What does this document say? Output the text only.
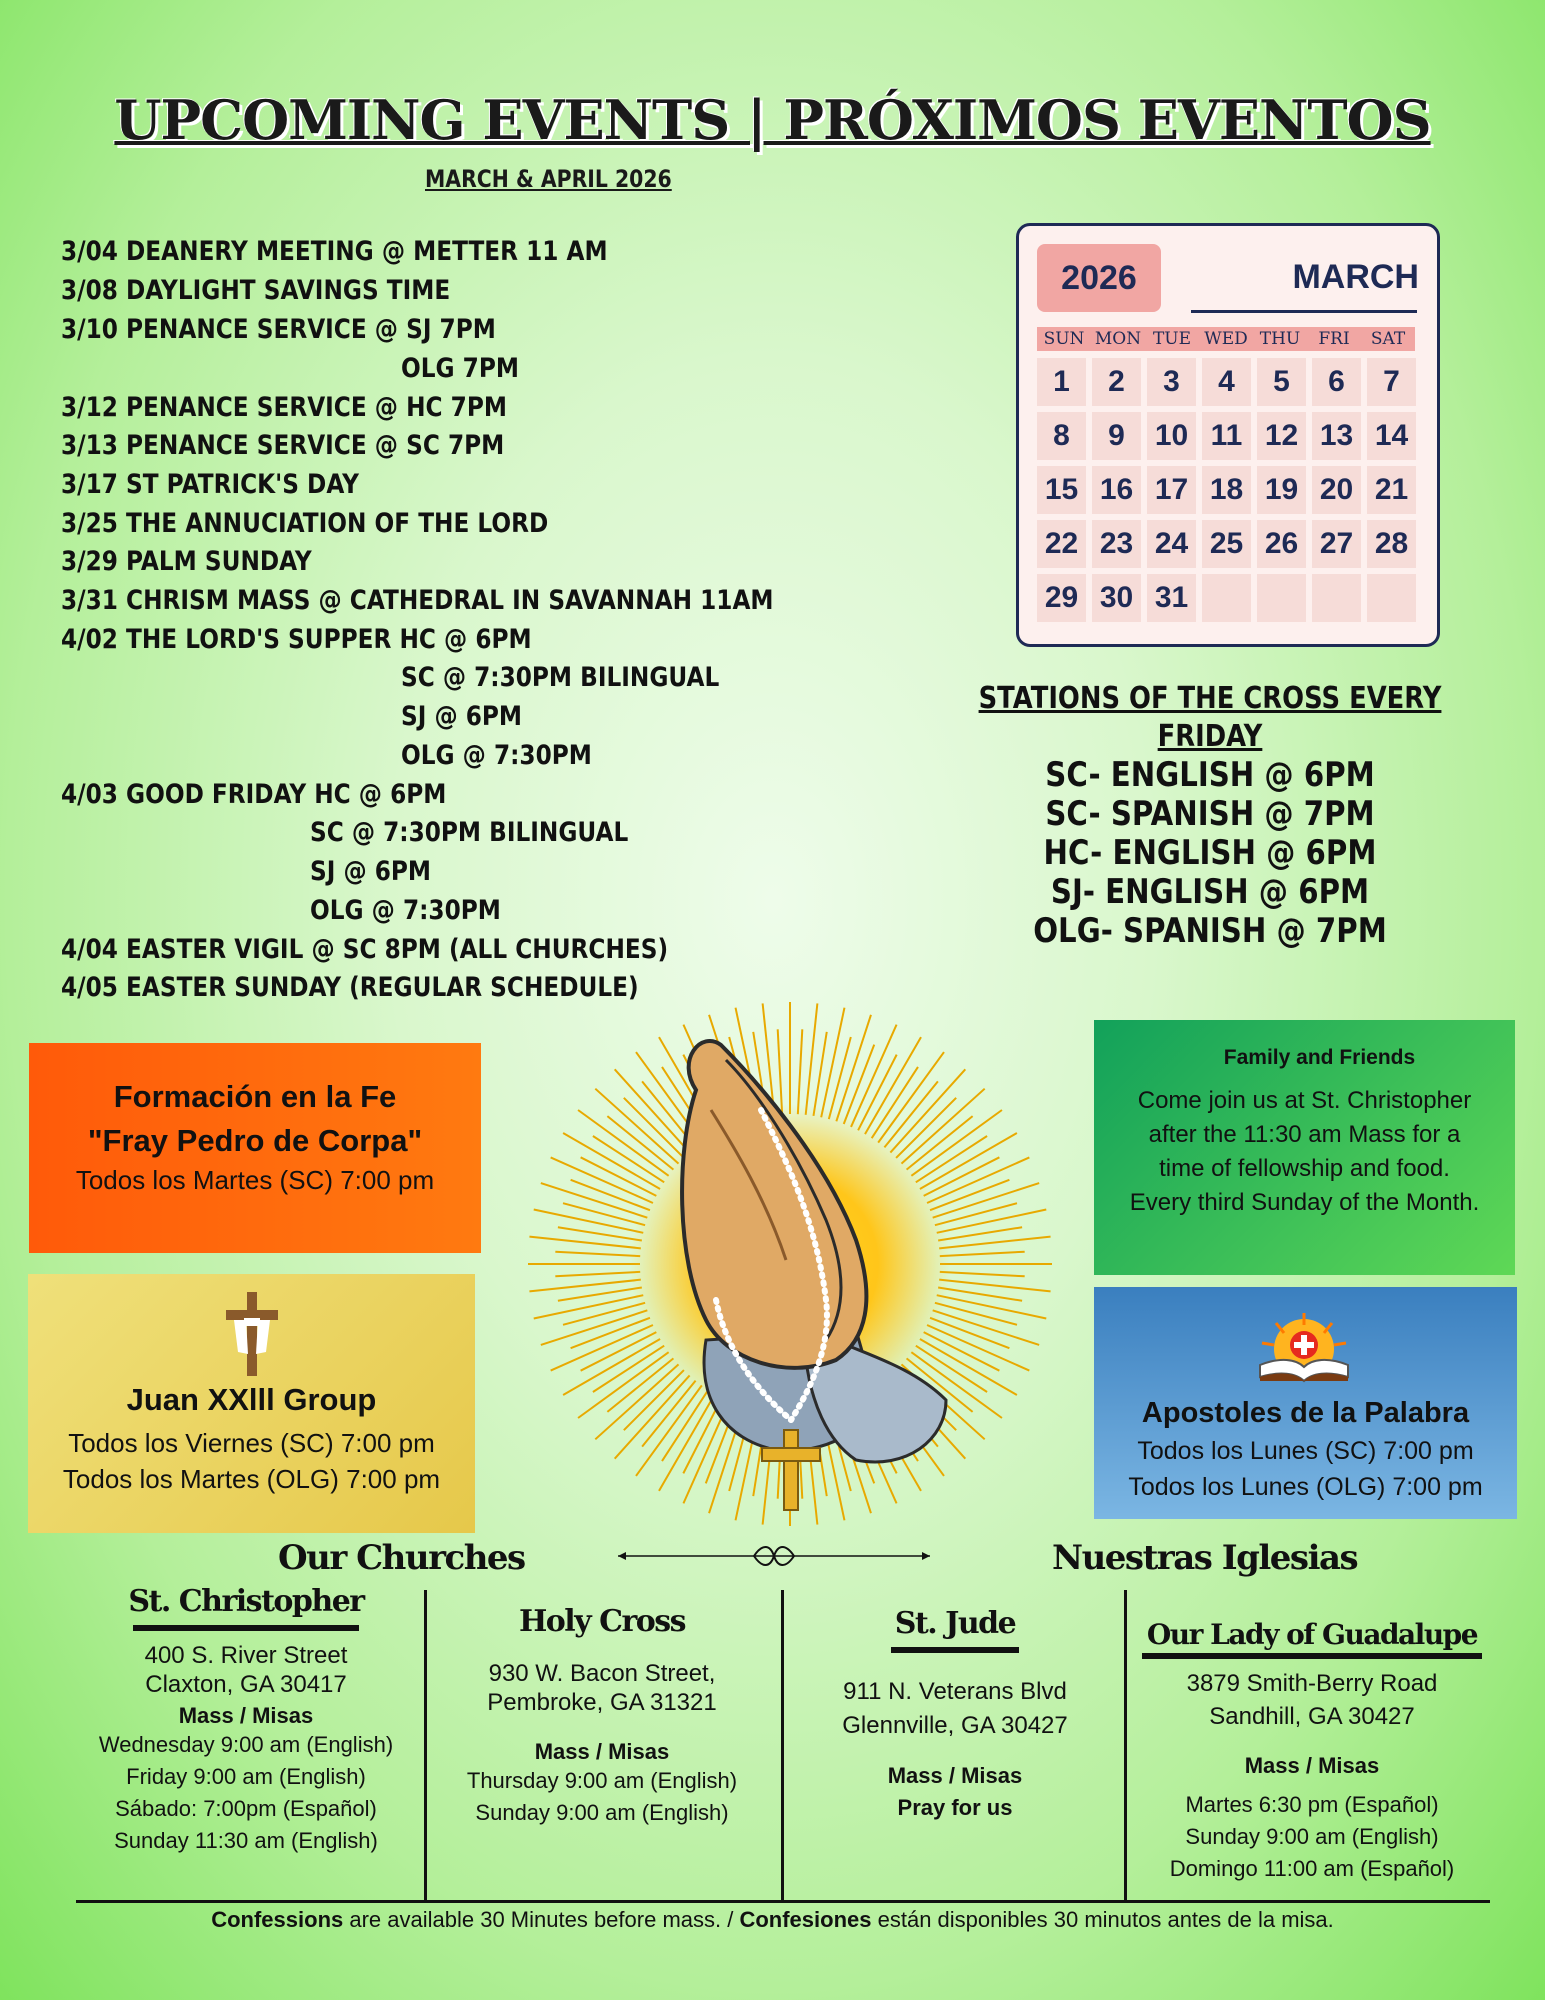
UPCOMING EVENTS | PRÓXIMOS EVENTOS
MARCH & APRIL 2026
3/04 DEANERY MEETING @ METTER 11 AM
3/08 DAYLIGHT SAVINGS TIME
3/10 PENANCE SERVICE @ SJ 7PM
OLG 7PM
3/12 PENANCE SERVICE @ HC 7PM
3/13 PENANCE SERVICE @ SC 7PM
3/17 ST PATRICK'S DAY
3/25 THE ANNUCIATION OF THE LORD
3/29 PALM SUNDAY
3/31 CHRISM MASS @ CATHEDRAL IN SAVANNAH 11AM
4/02 THE LORD'S SUPPER HC @ 6PM
SC @ 7:30PM BILINGUAL
SJ @ 6PM
OLG @ 7:30PM
4/03 GOOD FRIDAY HC @ 6PM
SC @ 7:30PM BILINGUAL
SJ @ 6PM
OLG @ 7:30PM
4/04 EASTER VIGIL @ SC 8PM (ALL CHURCHES)
4/05 EASTER SUNDAY (REGULAR SCHEDULE)
2026	MARCH
SUN MON TUE WED THU	FRI	SAT
1	2	3	4	5	6	7
8	9 10 11 12 13 14
15 16 17 18 19 20 21
22 23 24 25 26 27 28
29 30 31
STATIONS OF THE CROSS EVERY FRIDAY
SC- ENGLISH @ 6PM
SC- SPANISH @ 7PM
HC- ENGLISH @ 6PM
SJ- ENGLISH @ 6PM
OLG- SPANISH @ 7PM
Formación en la Fe
"Fray Pedro de Corpa"
Todos los Martes (SC) 7:00 pm
Juan XXlll Group
Todos los Viernes (SC) 7:00 pm
Todos los Martes (OLG) 7:00 pm
Family and Friends
Come join us at St. Christopher
after the 11:30 am Mass for a
time of fellowship and food.
Every third Sunday of the Month.
Apostoles de la Palabra
Todos los Lunes (SC) 7:00 pm
Todos los Lunes (OLG) 7:00 pm
Our Churches	Nuestras Iglesias
St. Christopher
400 S. River Street
Claxton, GA 30417
Mass / Misas
Wednesday 9:00 am (English)
Friday 9:00 am (English)
Sábado: 7:00pm (Español)
Sunday 11:30 am (English)
Holy Cross
930 W. Bacon Street,
Pembroke, GA 31321
Mass / Misas
Thursday 9:00 am (English)
Sunday 9:00 am (English)
St. Jude
911 N. Veterans Blvd
Glennville, GA 30427
Mass / Misas
Pray for us
Our Lady of Guadalupe
3879 Smith-Berry Road
Sandhill, GA 30427
Mass / Misas
Martes 6:30 pm (Español)
Sunday 9:00 am (English)
Domingo 11:00 am (Español)
Confessions are available 30 Minutes before mass. / Confesiones están disponibles 30 minutos antes de la misa.
